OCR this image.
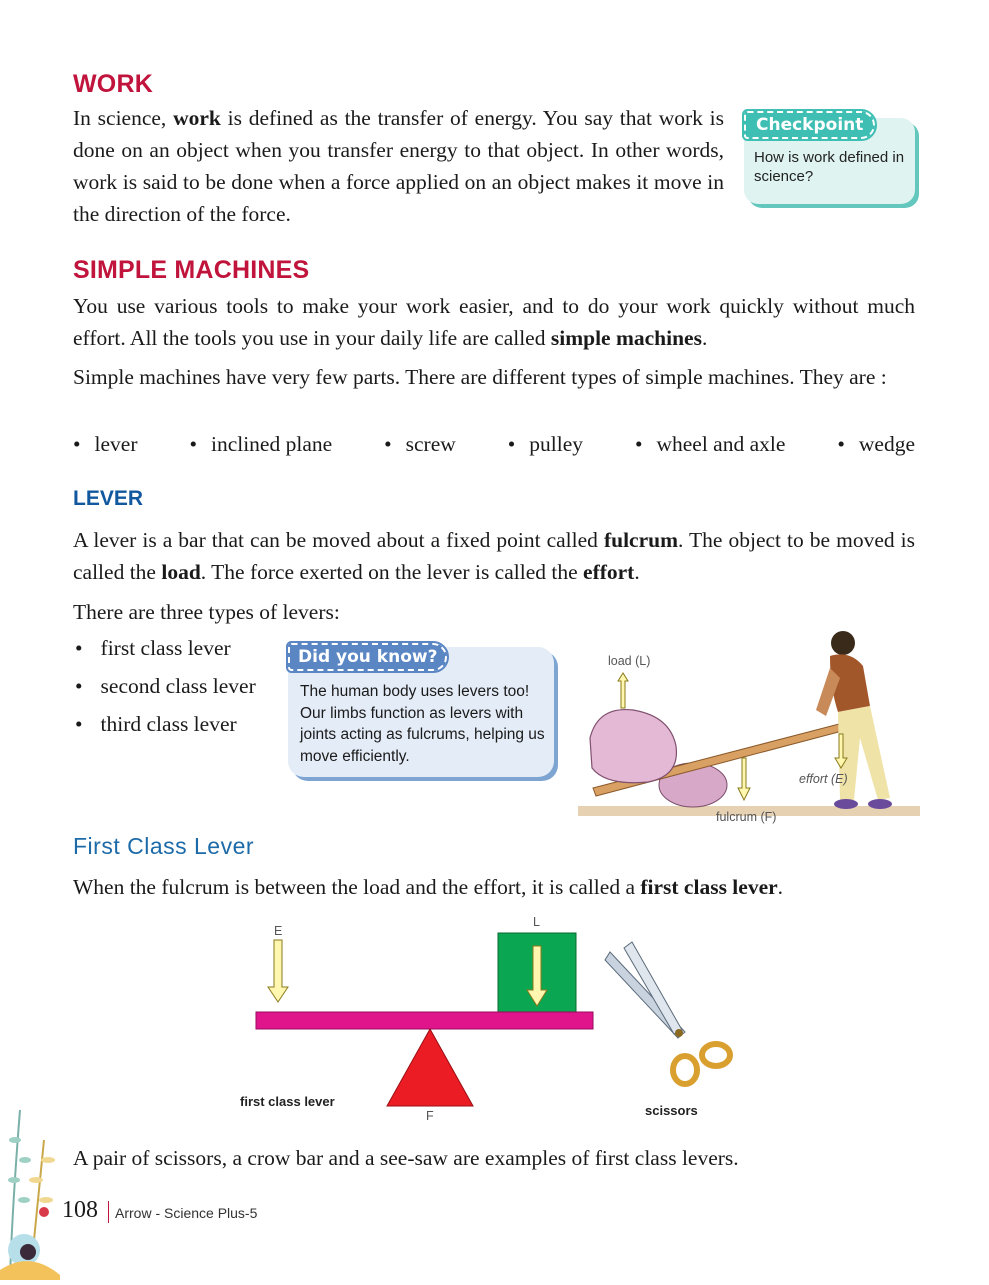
WORK
In science, work is defined as the transfer of energy. You say that work is done on an object when you transfer energy to that object. In other words, work is said to be done when a force applied on an object makes it move in the direction of the force.
How is work defined in science?
Checkpoint
SIMPLE MACHINES
You use various tools to make your work easier, and to do your work quickly without much effort. All the tools you use in your daily life are called simple machines.
Simple machines have very few parts. There are different types of simple machines. They are :
• lever	• inclined plane	• screw	• pulley	• wheel and axle	• wedge
LEVER
A lever is a bar that can be moved about a fixed point called fulcrum. The object to be moved is called the load. The force exerted on the lever is called the effort.
There are three types of levers:
• first class lever
• second class lever
• third class lever
The human body uses levers too! Our limbs function as levers with joints acting as fulcrums, helping us move efficiently.
Did you know?	load (L)
effort (E)
fulcrum (F)
First Class Lever
When the fulcrum is between the load and the effort, it is called a first class lever.
E
L
F
first class lever
scissors
A pair of scissors, a crow bar and a see-saw are examples of first class levers.
108 Arrow - Science Plus-5
